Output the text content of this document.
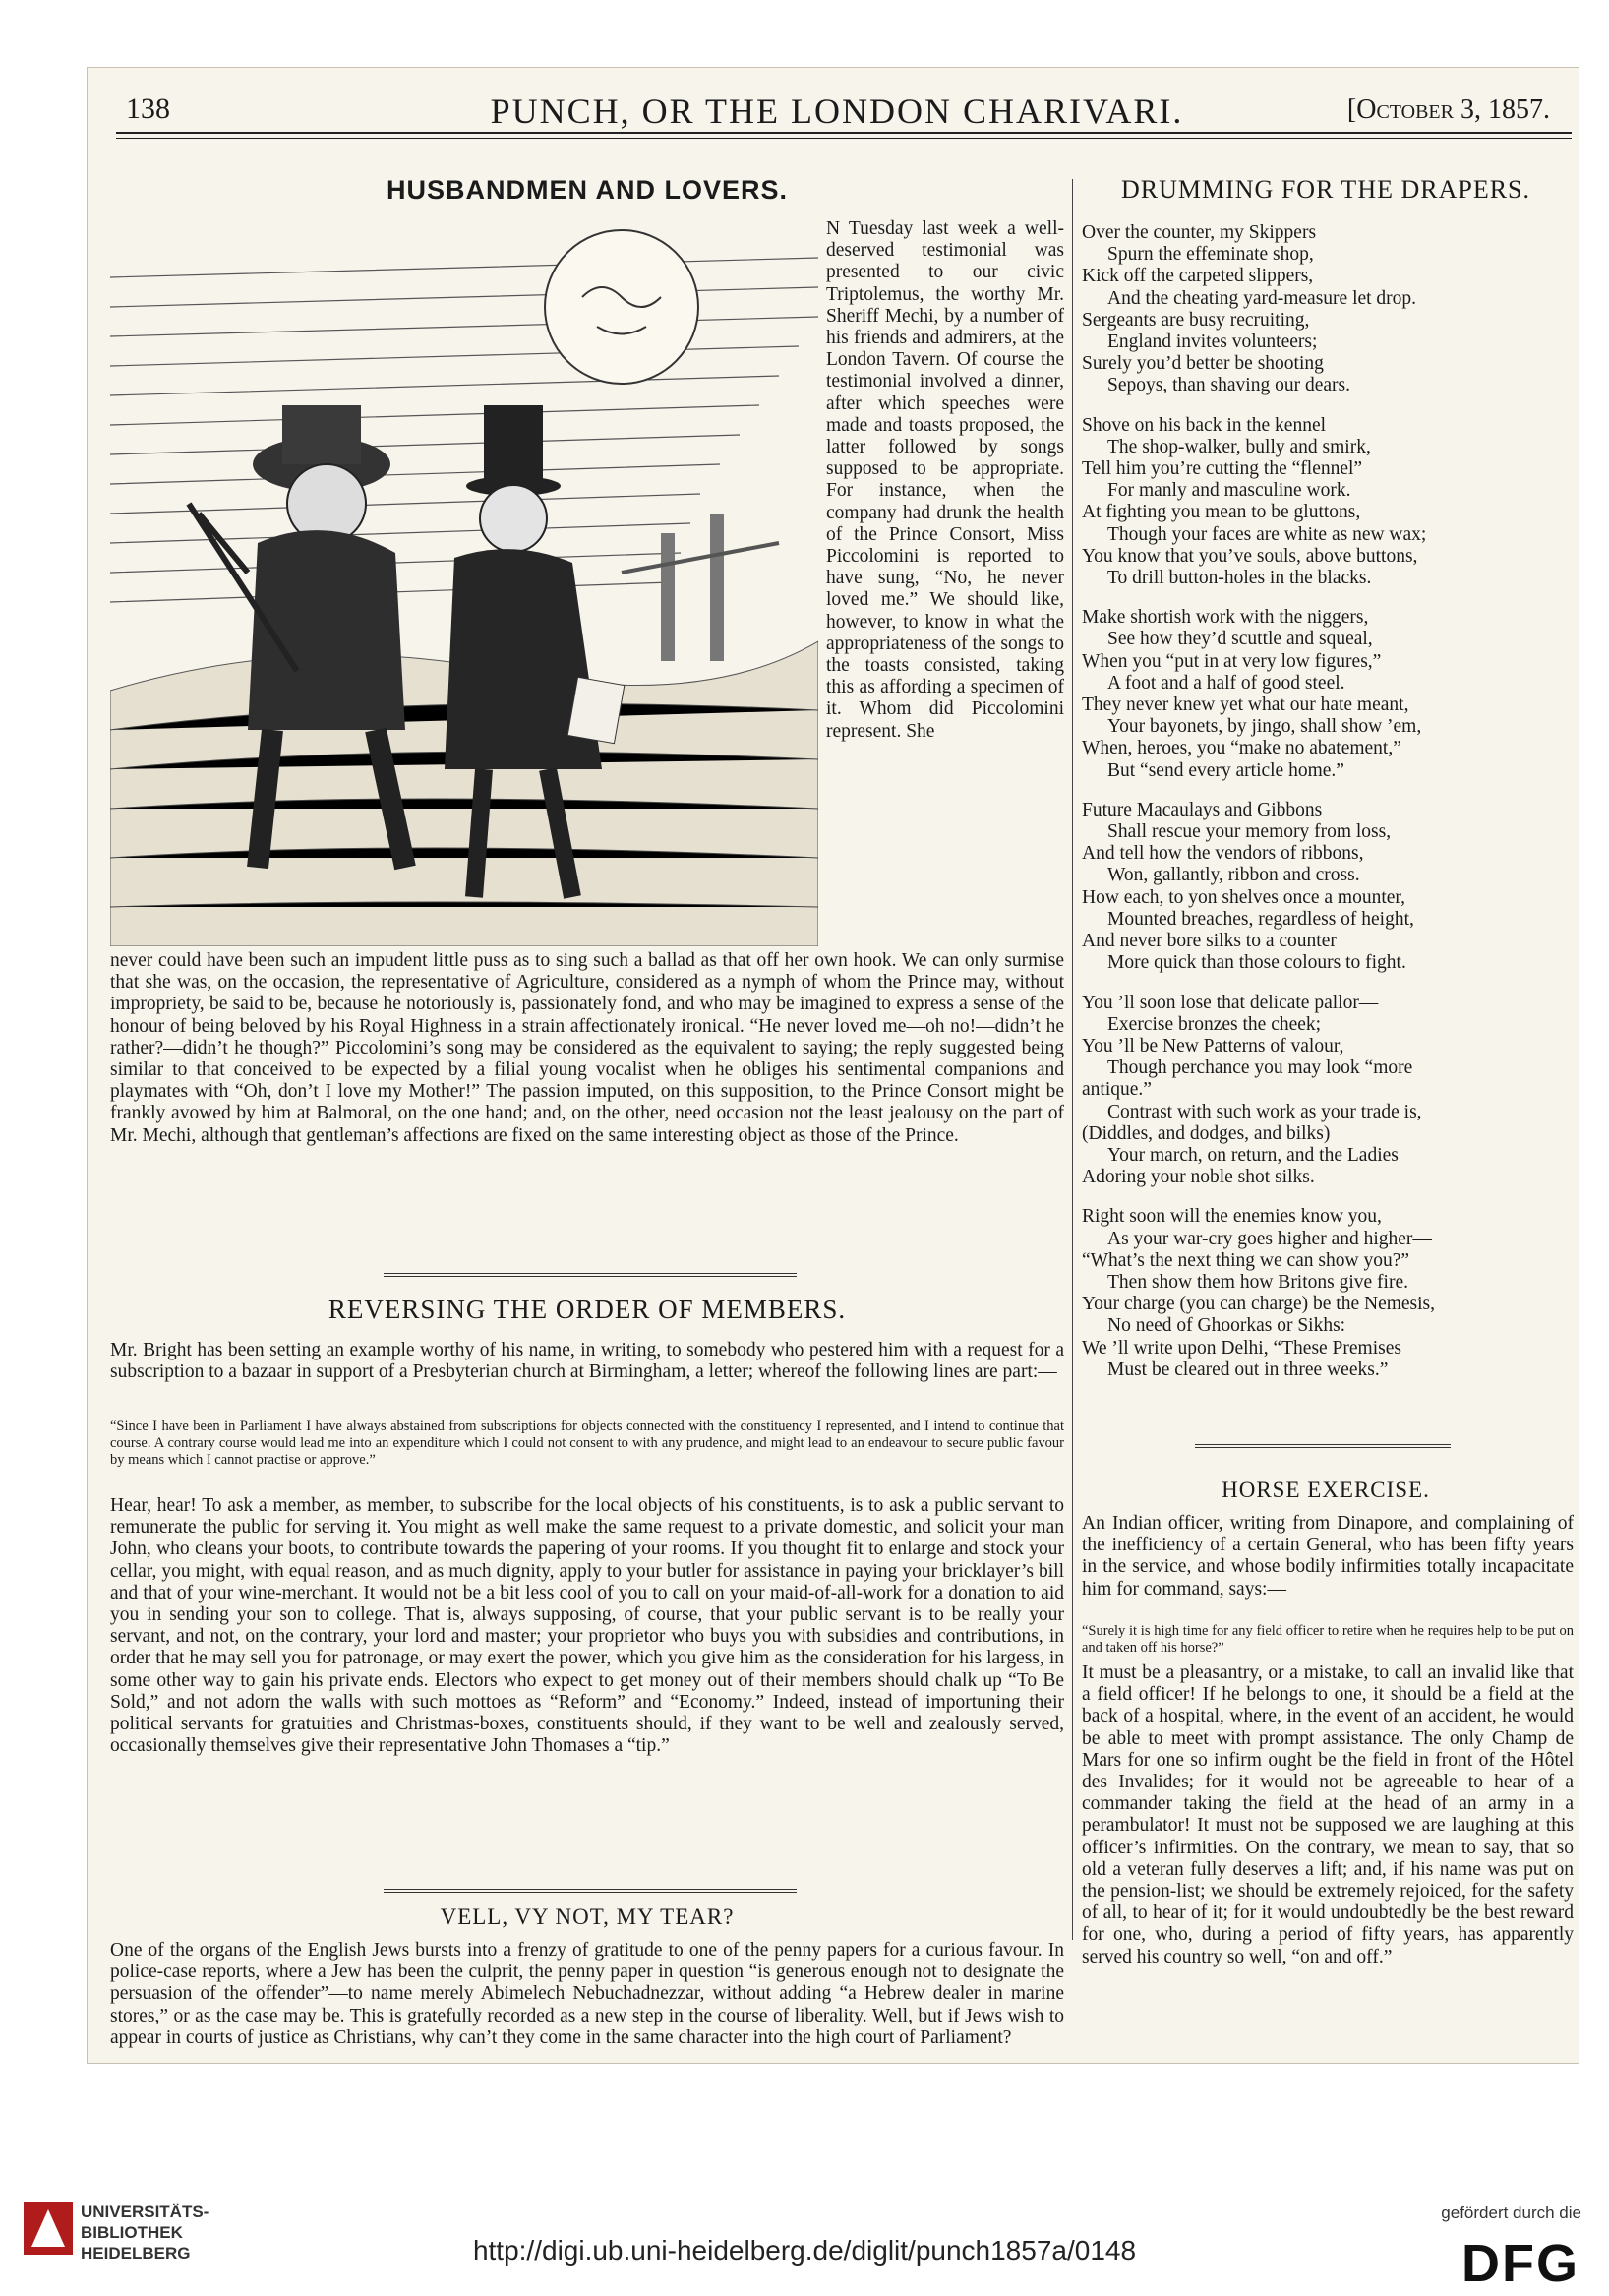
138	PUNCH, OR THE LONDON CHARIVARI.	[October 3, 1857.
HUSBANDMEN AND LOVERS.
N Tuesday last week a well-deserved testimonial was presented to our civic Triptolemus, the worthy Mr. Sheriff Mechi, by a number of his friends and admirers, at the London Tavern. Of course the testimonial involved a dinner, after which speeches were made and toasts proposed, the latter followed by songs supposed to be appropriate. For instance, when the company had drunk the health of the Prince Consort, Miss Piccolomini is reported to have sung, “No, he never loved me.” We should like, however, to know in what the appropriateness of the songs to the toasts consisted, taking this as affording a specimen of it. Whom did Piccolomini represent. She
never could have been such an impudent little puss as to sing such a ballad as that off her own hook. We can only surmise that she was, on the occasion, the representative of Agriculture, considered as a nymph of whom the Prince may, without impropriety, be said to be, because he notoriously is, passionately fond, and who may be imagined to express a sense of the honour of being beloved by his Royal Highness in a strain affectionately ironical. “He never loved me—oh no!—didn’t he rather?—didn’t he though?” Piccolomini’s song may be considered as the equivalent to saying; the reply suggested being similar to that conceived to be expected by a filial young vocalist when he obliges his sentimental companions and playmates with “Oh, don’t I love my Mother!” The passion imputed, on this supposition, to the Prince Consort might be frankly avowed by him at Balmoral, on the one hand; and, on the other, need occasion not the least jealousy on the part of Mr. Mechi, although that gentleman’s affections are fixed on the same interesting object as those of the Prince.
REVERSING THE ORDER OF MEMBERS.
Mr. Bright has been setting an example worthy of his name, in writing, to somebody who pestered him with a request for a subscription to a bazaar in support of a Presbyterian church at Birmingham, a letter; whereof the following lines are part:—
“Since I have been in Parliament I have always abstained from subscriptions for objects connected with the constituency I represented, and I intend to continue that course. A contrary course would lead me into an expenditure which I could not consent to with any prudence, and might lead to an endeavour to secure public favour by means which I cannot practise or approve.”
Hear, hear! To ask a member, as member, to subscribe for the local objects of his constituents, is to ask a public servant to remunerate the public for serving it. You might as well make the same request to a private domestic, and solicit your man John, who cleans your boots, to contribute towards the papering of your rooms. If you thought fit to enlarge and stock your cellar, you might, with equal reason, and as much dignity, apply to your butler for assistance in paying your bricklayer’s bill and that of your wine-merchant. It would not be a bit less cool of you to call on your maid-of-all-work for a donation to aid you in sending your son to college. That is, always supposing, of course, that your public servant is to be really your servant, and not, on the contrary, your lord and master; your proprietor who buys you with subsidies and contributions, in order that he may sell you for patronage, or may exert the power, which you give him as the consideration for his largess, in some other way to gain his private ends. Electors who expect to get money out of their members should chalk up “To Be Sold,” and not adorn the walls with such mottoes as “Reform” and “Economy.” Indeed, instead of importuning their political servants for gratuities and Christmas-boxes, constituents should, if they want to be well and zealously served, occasionally themselves give their representative John Thomases a “tip.”
VELL, VY NOT, MY TEAR?
One of the organs of the English Jews bursts into a frenzy of gratitude to one of the penny papers for a curious favour. In police-case reports, where a Jew has been the culprit, the penny paper in question “is generous enough not to designate the persuasion of the offender”—to name merely Abimelech Nebuchadnezzar, without adding “a Hebrew dealer in marine stores,” or as the case may be. This is gratefully recorded as a new step in the course of liberality. Well, but if Jews wish to appear in courts of justice as Christians, why can’t they come in the same character into the high court of Parliament?
DRUMMING FOR THE DRAPERS.
Over the counter, my Skippers
Spurn the effeminate shop,
Kick off the carpeted slippers,
And the cheating yard-measure let drop.
Sergeants are busy recruiting,
England invites volunteers;
Surely you’d better be shooting
Sepoys, than shaving our dears.
Shove on his back in the kennel
The shop-walker, bully and smirk,
Tell him you’re cutting the “flennel”
For manly and masculine work.
At fighting you mean to be gluttons,
Though your faces are white as new wax;
You know that you’ve souls, above buttons,
To drill button-holes in the blacks.
Make shortish work with the niggers,
See how they’d scuttle and squeal,
When you “put in at very low figures,”
A foot and a half of good steel.
They never knew yet what our hate meant,
Your bayonets, by jingo, shall show ’em,
When, heroes, you “make no abatement,”
But “send every article home.”
Future Macaulays and Gibbons
Shall rescue your memory from loss,
And tell how the vendors of ribbons,
Won, gallantly, ribbon and cross.
How each, to yon shelves once a mounter,
Mounted breaches, regardless of height,
And never bore silks to a counter
More quick than those colours to fight.
You ’ll soon lose that delicate pallor—
Exercise bronzes the cheek;
You ’ll be New Patterns of valour,
Though perchance you may look “more
antique.”
Contrast with such work as your trade is,
(Diddles, and dodges, and bilks)
Your march, on return, and the Ladies
Adoring your noble shot silks.
Right soon will the enemies know you,
As your war-cry goes higher and higher—
“What’s the next thing we can show you?”
Then show them how Britons give fire.
Your charge (you can charge) be the Nemesis,
No need of Ghoorkas or Sikhs:
We ’ll write upon Delhi, “These Premises
Must be cleared out in three weeks.”
HORSE EXERCISE.
An Indian officer, writing from Dinapore, and complaining of the inefficiency of a certain General, who has been fifty years in the service, and whose bodily infirmities totally incapacitate him for command, says:—
“Surely it is high time for any field officer to retire when he requires help to be put on and taken off his horse?”
It must be a pleasantry, or a mistake, to call an invalid like that a field officer! If he belongs to one, it should be a field at the back of a hospital, where, in the event of an accident, he would be able to meet with prompt assistance. The only Champ de Mars for one so infirm ought be the field in front of the Hôtel des Invalides; for it would not be agreeable to hear of a commander taking the field at the head of an army in a perambulator! It must not be supposed we are laughing at this officer’s infirmities. On the contrary, we mean to say, that so old a veteran fully deserves a lift; and, if his name was put on the pension-list; we should be extremely rejoiced, for the safety of all, to hear of it; for it would undoubtedly be the best reward for one, who, during a period of fifty years, has apparently served his country so well, “on and off.”
UNIVERSITÄTS-
BIBLIOTHEK
HEIDELBERG	http://digi.ub.uni-heidelberg.de/diglit/punch1857a/0148
gefördert durch die
DFG
